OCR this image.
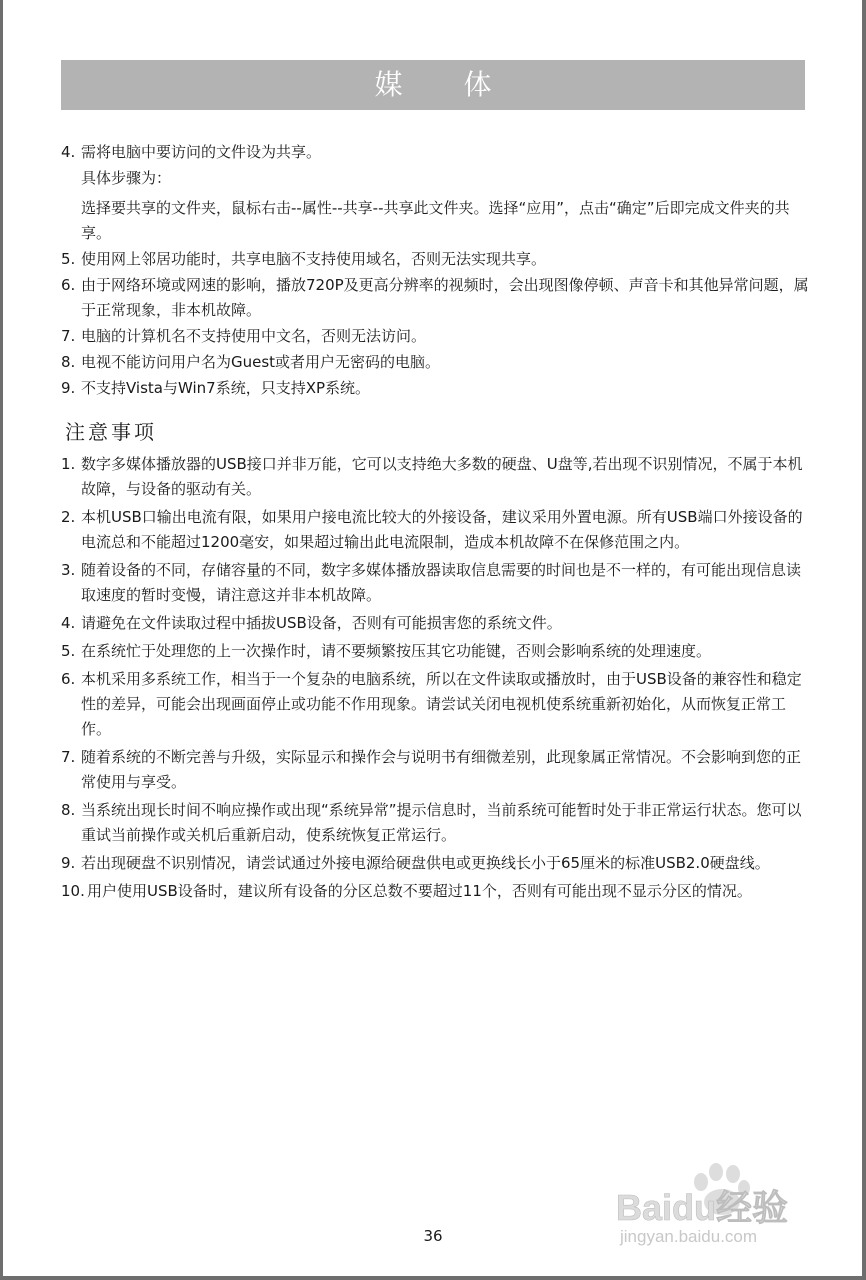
媒 体
4. 需将电脑中要访问的文件设为共享。
具体步骤为：
选择要共享的文件夹，鼠标右击--属性--共享--共享此文件夹。选择“应用”，点击“确定”后即完成文件夹的共享。
5. 使用网上邻居功能时，共享电脑不支持使用域名，否则无法实现共享。
6. 由于网络环境或网速的影响，播放720P及更高分辨率的视频时，会出现图像停顿、声音卡和其他异常问题，属于正常现象，非本机故障。
7. 电脑的计算机名不支持使用中文名，否则无法访问。
8. 电视不能访问用户名为Guest或者用户无密码的电脑。
9. 不支持Vista与Win7系统，只支持XP系统。
注意事项
1. 数字多媒体播放器的USB接口并非万能，它可以支持绝大多数的硬盘、U盘等,若出现不识别情况，不属于本机故障，与设备的驱动有关。
2. 本机USB口输出电流有限，如果用户接电流比较大的外接设备，建议采用外置电源。所有USB端口外接设备的电流总和不能超过1200毫安，如果超过输出此电流限制，造成本机故障不在保修范围之内。
3. 随着设备的不同，存储容量的不同，数字多媒体播放器读取信息需要的时间也是不一样的，有可能出现信息读取速度的暂时变慢，请注意这并非本机故障。
4. 请避免在文件读取过程中插拔USB设备，否则有可能损害您的系统文件。
5. 在系统忙于处理您的上一次操作时，请不要频繁按压其它功能键，否则会影响系统的处理速度。
6. 本机采用多系统工作，相当于一个复杂的电脑系统，所以在文件读取或播放时，由于USB设备的兼容性和稳定性的差异，可能会出现画面停止或功能不作用现象。请尝试关闭电视机使系统重新初始化，从而恢复正常工作。
7. 随着系统的不断完善与升级，实际显示和操作会与说明书有细微差别，此现象属正常情况。不会影响到您的正常使用与享受。
8. 当系统出现长时间不响应操作或出现“系统异常”提示信息时，当前系统可能暂时处于非正常运行状态。您可以重试当前操作或关机后重新启动，使系统恢复正常运行。
9. 若出现硬盘不识别情况，请尝试通过外接电源给硬盘供电或更换线长小于65厘米的标准USB2.0硬盘线。
10. 用户使用USB设备时，建议所有设备的分区总数不要超过11个，否则有可能出现不显示分区的情况。
Baidu经验
jingyan.baidu.com
36
